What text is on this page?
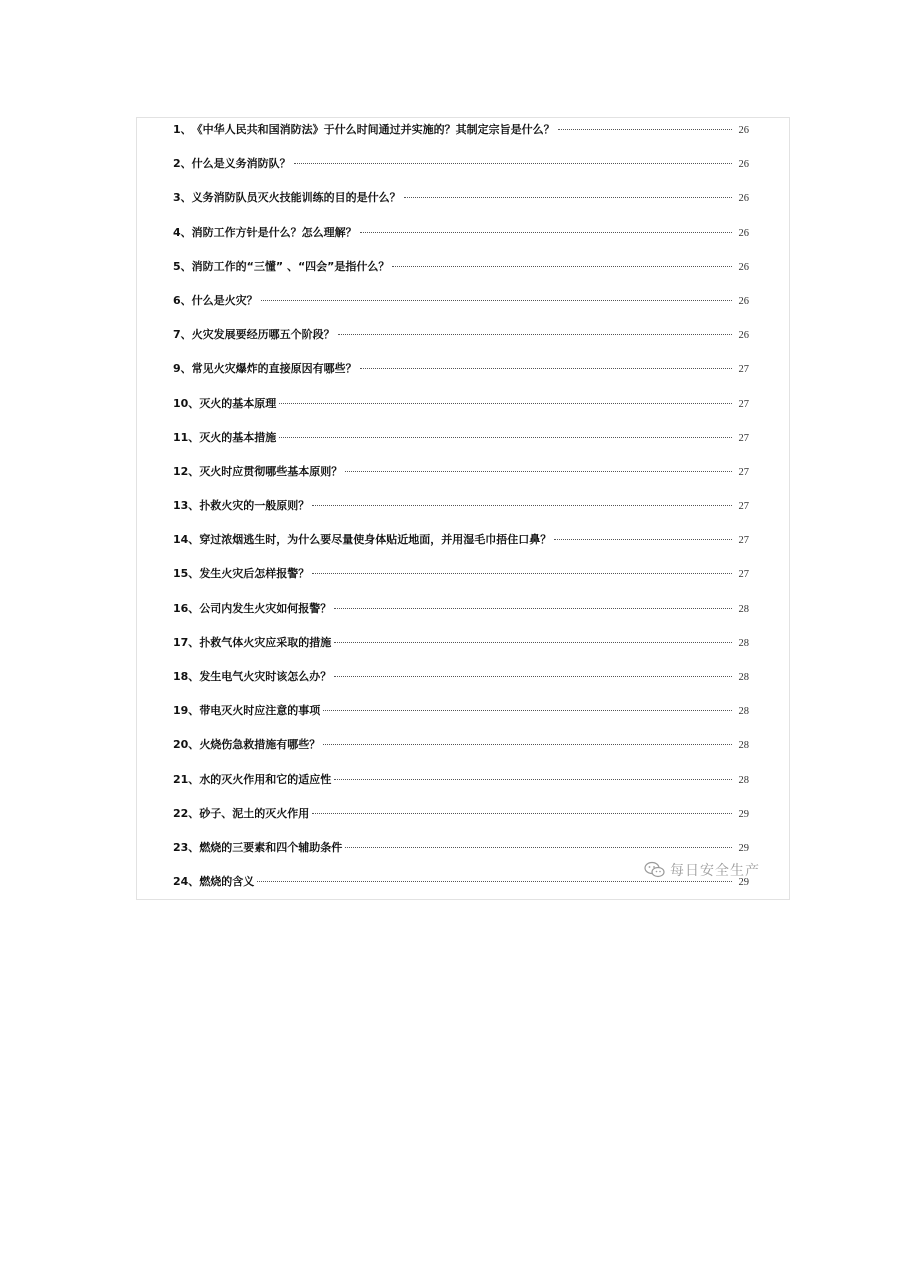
1、 《中华人民共和国消防法》于什么时间通过并实施的？其制定宗旨是什么？	26
2、 什么是义务消防队？	26
3、 义务消防队员灭火技能训练的目的是什么？	26
4、 消防工作方针是什么？怎么理解？	26
5、 消防工作的“三懂” 、“四会”是指什么？	26
6、 什么是火灾？	26
7、 火灾发展要经历哪五个阶段？	26
9、 常见火灾爆炸的直接原因有哪些？	27
10、 灭火的基本原理	27
11、 灭火的基本措施	27
12、 灭火时应贯彻哪些基本原则？	27
13、 扑救火灾的一般原则？	27
14、 穿过浓烟逃生时，为什么要尽量使身体贴近地面，并用湿毛巾捂住口鼻？	27
15、 发生火灾后怎样报警？	27
16、 公司内发生火灾如何报警？	28
17、 扑救气体火灾应采取的措施	28
18、 发生电气火灾时该怎么办？	28
19、 带电灭火时应注意的事项	28
20、 火烧伤急救措施有哪些？	28
21、 水的灭火作用和它的适应性	28
22、 砂子、泥土的灭火作用	29
23、 燃烧的三要素和四个辅助条件	29
24、 燃烧的含义	29
每日安全生产
